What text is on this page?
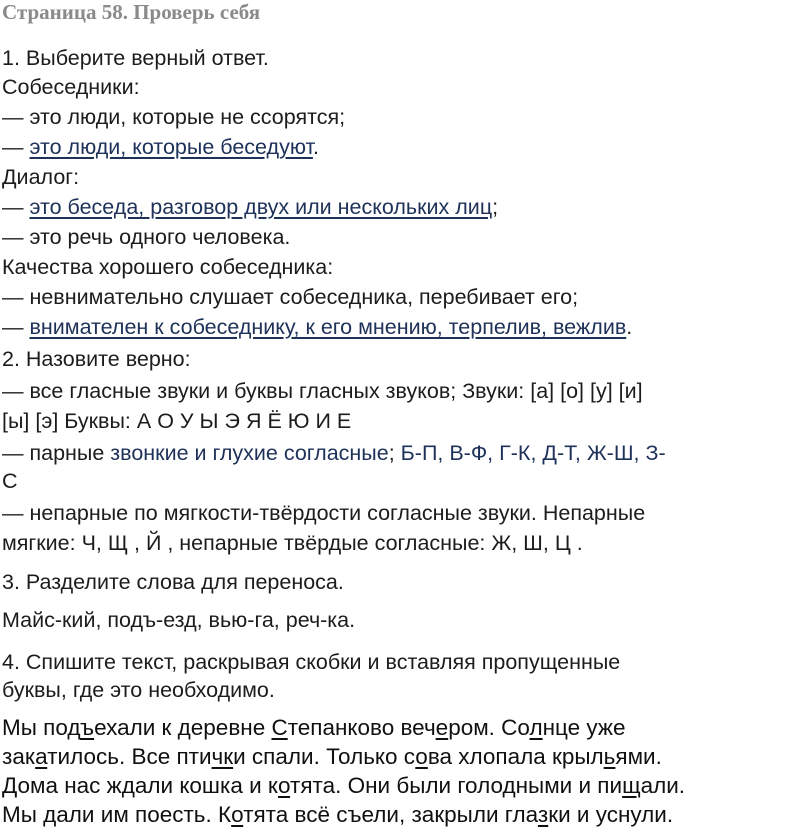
Страница 58. Проверь себя
1. Выберите верный ответ.
Собеседники:
— это люди, которые не ссорятся;
— это люди, которые беседуют.
Диалог:
— это беседа, разговор двух или нескольких лиц;
— это речь одного человека.
Качества хорошего собеседника:
— невнимательно слушает собеседника, перебивает его;
— внимателен к собеседнику, к его мнению, терпелив, вежлив.
2. Назовите верно:
— все гласные звуки и буквы гласных звуков; Звуки: [а] [о] [у] [и]
[ы] [э] Буквы: А О У Ы Э Я Ё Ю И Е
— парные звонкие и глухие согласные; Б-П, В-Ф, Г-К, Д-Т, Ж-Ш, З-
С
— непарные по мягкости-твёрдости согласные звуки. Непарные
мягкие: Ч, Щ , Й , непарные твёрдые согласные: Ж, Ш, Ц .
3. Разделите слова для переноса.
Майс-кий, подъ-езд, вью-га, реч-ка.
4. Спишите текст, раскрывая скобки и вставляя пропущенные
буквы, где это необходимо.
Мы подъехали к деревне Степанково вечером. Солнце уже
закатилось. Все птички спали. Только сова хлопала крыльями.
Дома нас ждали кошка и котята. Они были голодными и пищали.
Мы дали им поесть. Котята всё съели, закрыли глазки и уснули.
